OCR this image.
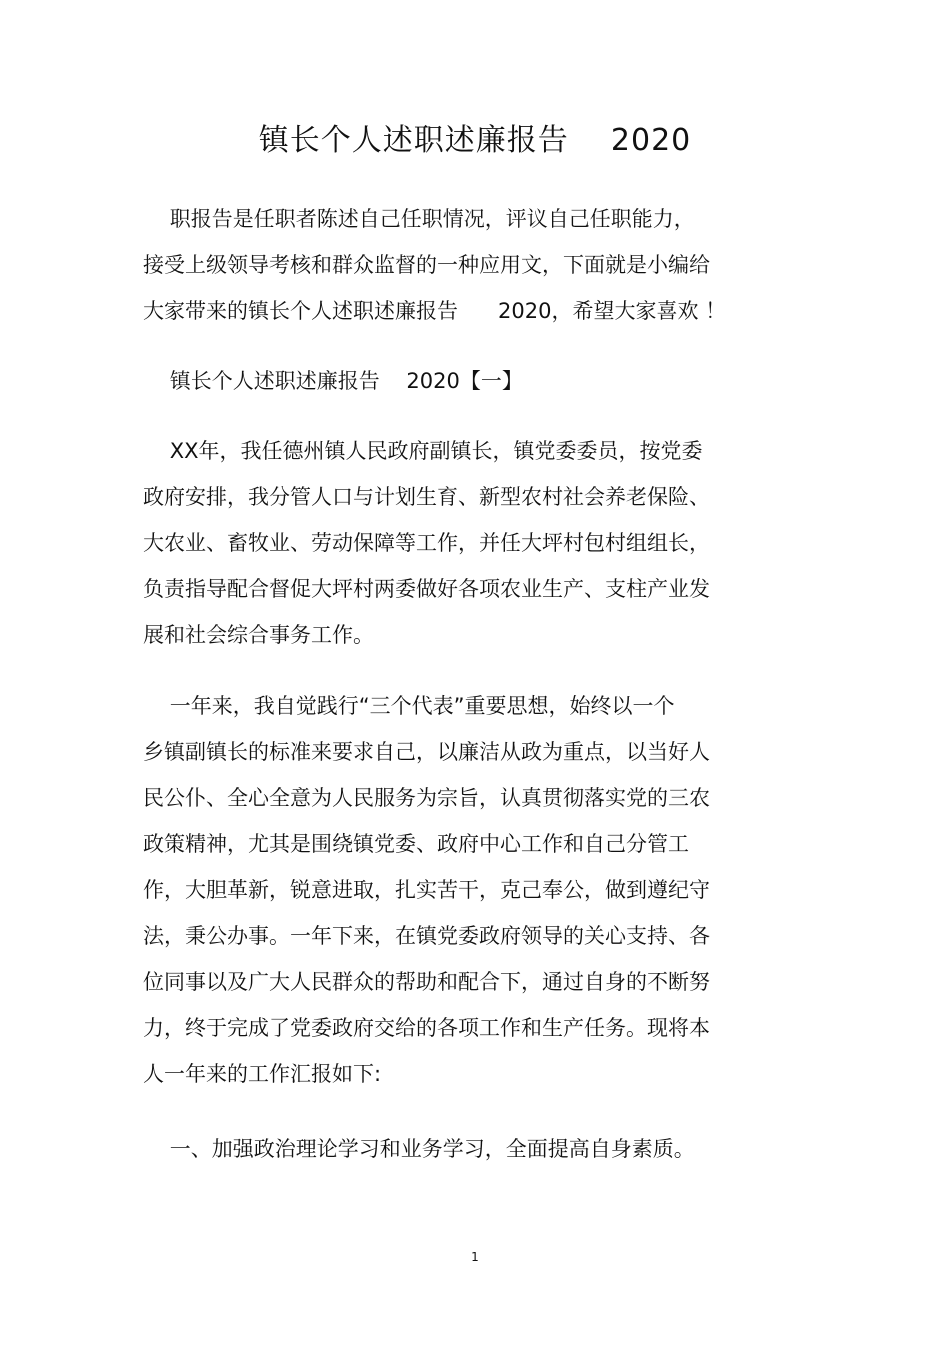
镇长个人述职述廉报告    2020

职报告是任职者陈述自己任职情况，评议自己任职能力，
接受上级领导考核和群众监督的一种应用文，下面就是小编给
大家带来的镇长个人述职述廉报告      2020，希望大家喜欢 ！

镇长个人述职述廉报告    2020【一】

XX年，我任德州镇人民政府副镇长，镇党委委员，按党委
政府安排，我分管人口与计划生育、新型农村社会养老保险、
大农业、畜牧业、劳动保障等工作，并任大坪村包村组组长，
负责指导配合督促大坪村两委做好各项农业生产、支柱产业发
展和社会综合事务工作。

一年来，我自觉践行“三个代表”重要思想，始终以一个
乡镇副镇长的标准来要求自己，以廉洁从政为重点，以当好人
民公仆、全心全意为人民服务为宗旨，认真贯彻落实党的三农
政策精神，尤其是围绕镇党委、政府中心工作和自己分管工
作，大胆革新，锐意进取，扎实苦干，克己奉公，做到遵纪守
法，秉公办事。一年下来，在镇党委政府领导的关心支持、各
位同事以及广大人民群众的帮助和配合下，通过自身的不断努
力，终于完成了党委政府交给的各项工作和生产任务。现将本
人一年来的工作汇报如下:

一、加强政治理论学习和业务学习，全面提高自身素质。

1
